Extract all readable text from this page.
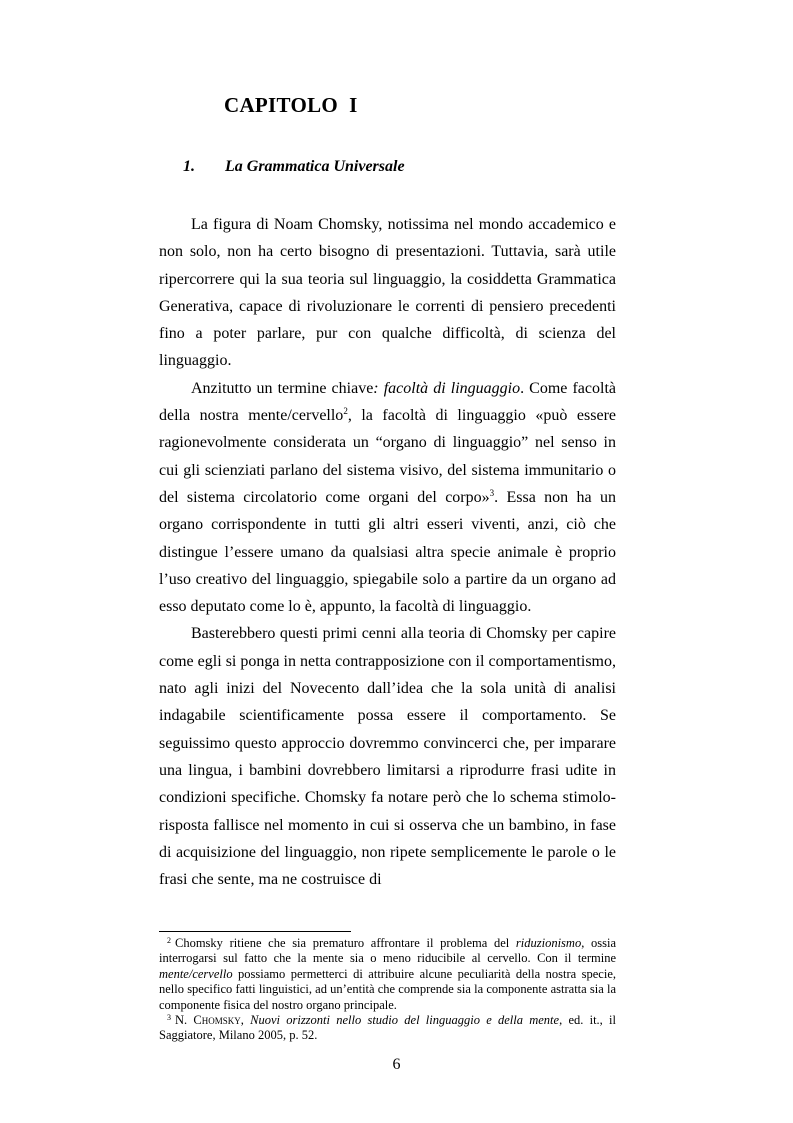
CAPITOLO  I
1. La Grammatica Universale

La figura di Noam Chomsky, notissima nel mondo accademico e non solo, non ha certo bisogno di presentazioni. Tuttavia, sarà utile ripercorrere qui la sua teoria sul linguaggio, la cosiddetta Grammatica Generativa, capace di rivoluzionare le correnti di pensiero precedenti fino a poter parlare, pur con qualche difficoltà, di scienza del linguaggio.

Anzitutto un termine chiave: facoltà di linguaggio. Come facoltà della nostra mente/cervello$^2$, la facoltà di linguaggio «può essere ragionevolmente considerata un “organo di linguaggio” nel senso in cui gli scienziati parlano del sistema visivo, del sistema immunitario o del sistema circolatorio come organi del corpo»$^3$. Essa non ha un organo corrispondente in tutti gli altri esseri viventi, anzi, ciò che distingue l’essere umano da qualsiasi altra specie animale è proprio l’uso creativo del linguaggio, spiegabile solo a partire da un organo ad esso deputato come lo è, appunto, la facoltà di linguaggio.

Basterebbero questi primi cenni alla teoria di Chomsky per capire come egli si ponga in netta contrapposizione con il comportamentismo, nato agli inizi del Novecento dall’idea che la sola unità di analisi indagabile scientificamente possa essere il comportamento. Se seguissimo questo approccio dovremmo convincerci che, per imparare una lingua, i bambini dovrebbero limitarsi a riprodurre frasi udite in condizioni specifiche. Chomsky fa notare però che lo schema stimolo-risposta fallisce nel momento in cui si osserva che un bambino, in fase di acquisizione del linguaggio, non ripete semplicemente le parole o le frasi che sente, ma ne costruisce di

$^2$ Chomsky ritiene che sia prematuro affrontare il problema del riduzionismo, ossia interrogarsi sul fatto che la mente sia o meno riducibile al cervello. Con il termine mente/cervello possiamo permetterci di attribuire alcune peculiarità della nostra specie, nello specifico fatti linguistici, ad un’entità che comprende sia la componente astratta sia la componente fisica del nostro organo principale.

$^3$ N. Chomsky, Nuovi orizzonti nello studio del linguaggio e della mente, ed. it., il Saggiatore, Milano 2005, p. 52.

6
